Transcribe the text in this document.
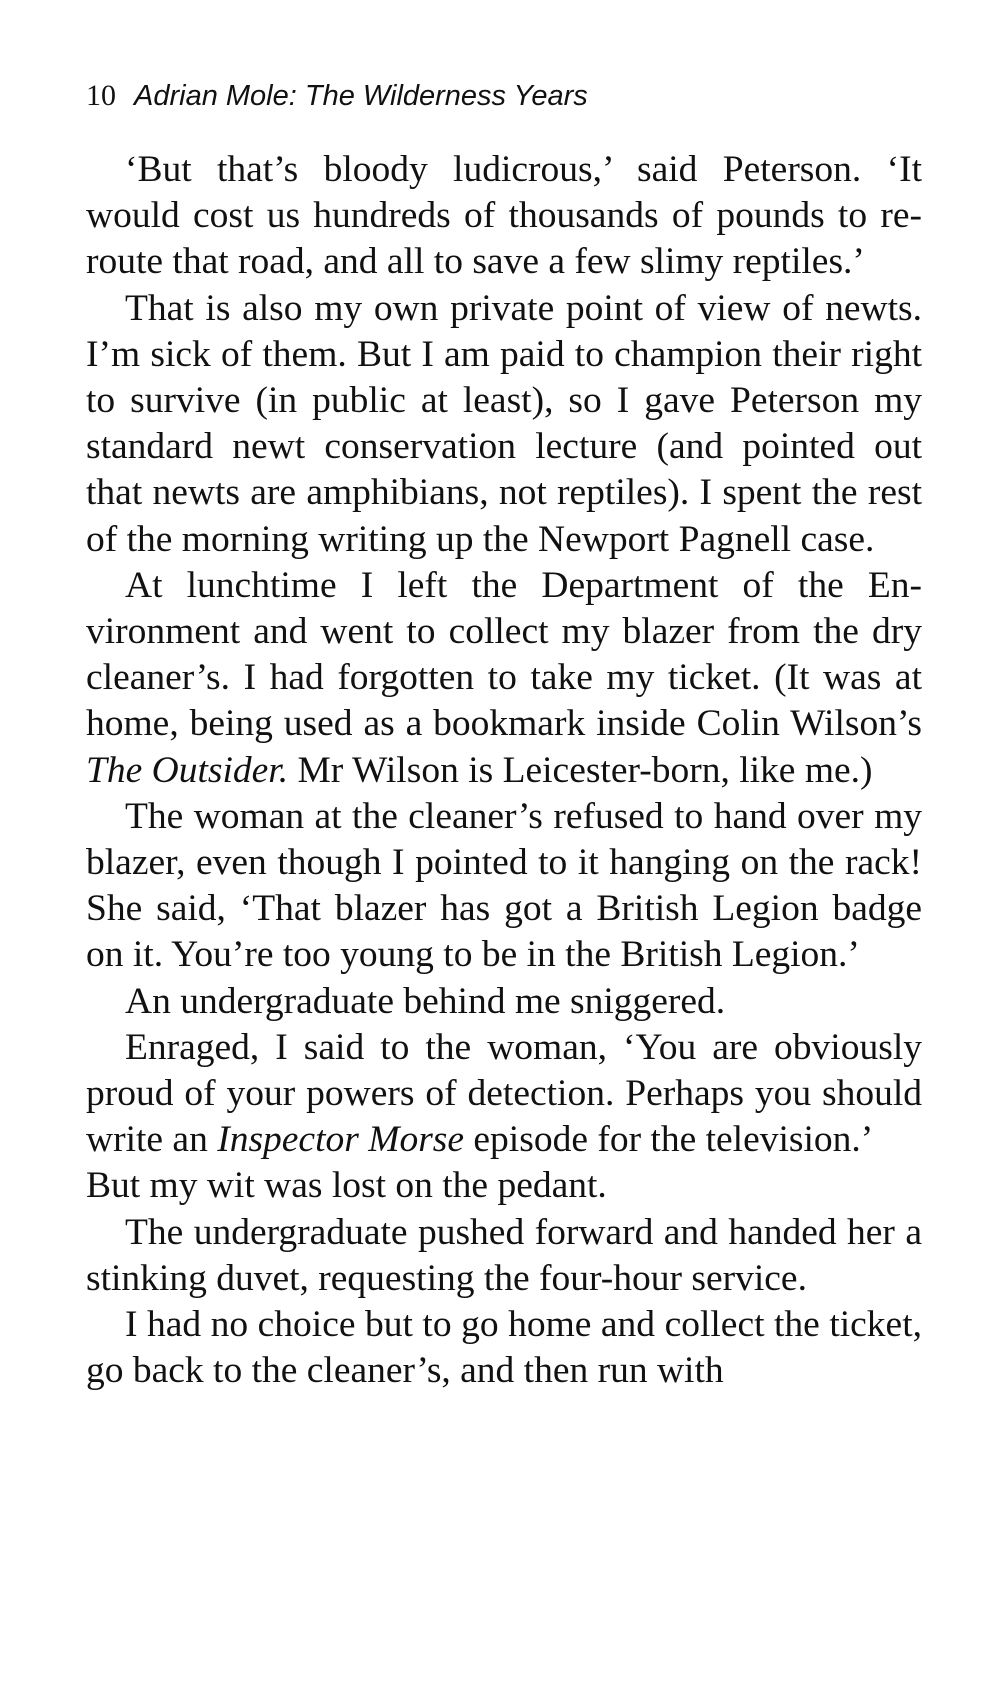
10 Adrian Mole: The Wilderness Years

‘But that’s bloody ludicrous,’ said Peterson. ‘It would cost us hundreds of thousands of pounds to re-route that road, and all to save a few slimy reptiles.’

That is also my own private point of view of newts. I’m sick of them. But I am paid to champion their right to survive (in public at least), so I gave Peterson my standard newt conservation lecture (and pointed out that newts are amphibians, not reptiles). I spent the rest of the morning writing up the Newport Pagnell case.

At lunchtime I left the Department of the Environment and went to collect my blazer from the dry cleaner’s. I had forgotten to take my ticket. (It was at home, being used as a bookmark inside Colin Wilson’s The Outsider. Mr Wilson is Leicester-born, like me.)

The woman at the cleaner’s refused to hand over my blazer, even though I pointed to it hanging on the rack! She said, ‘That blazer has got a British Legion badge on it. You’re too young to be in the British Legion.’

An undergraduate behind me sniggered.

Enraged, I said to the woman, ‘You are obviously proud of your powers of detection. Perhaps you should write an Inspector Morse episode for the television.’

But my wit was lost on the pedant.

The undergraduate pushed forward and handed her a stinking duvet, requesting the four-hour service.

I had no choice but to go home and collect the ticket, go back to the cleaner’s, and then run with
